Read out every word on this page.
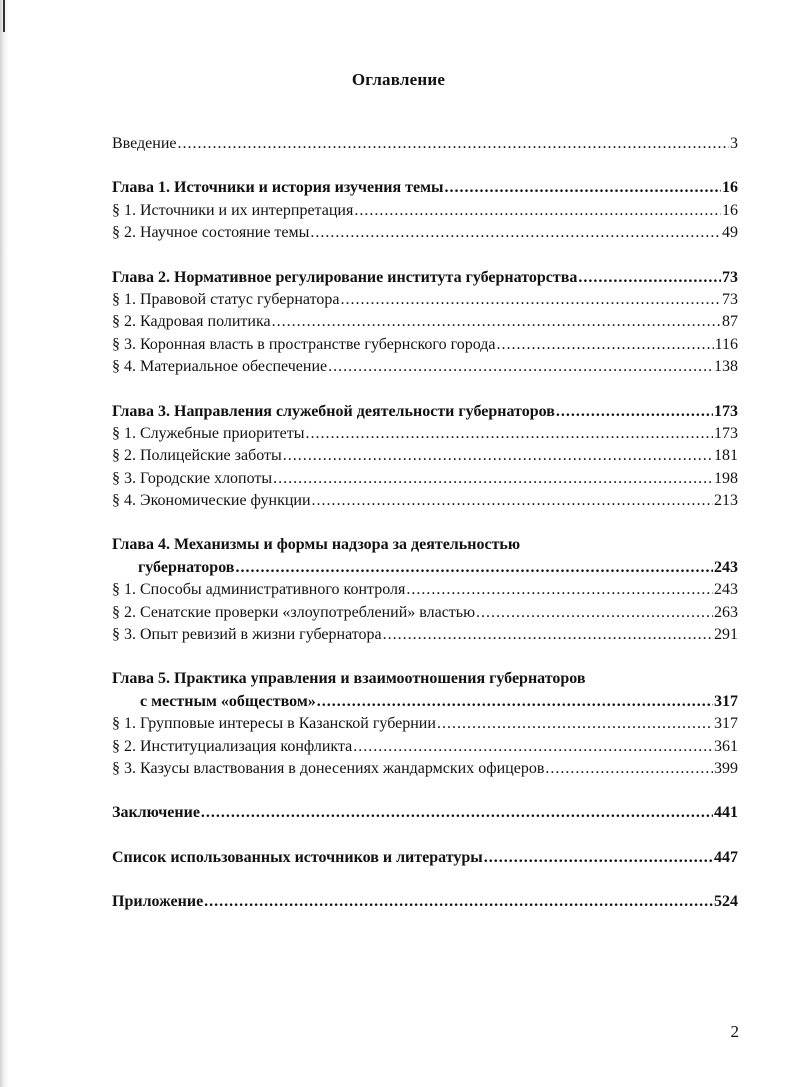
Оглавление
Введение .....	3
Глава 1. Источники и история изучения темы .....	16
§ 1. Источники и их интерпретация .....	16
§ 2. Научное состояние темы .....	49
Глава 2. Нормативное регулирование института губернаторства .....	73
§ 1. Правовой статус губернатора .....	73
§ 2. Кадровая политика .....	87
§ 3. Коронная власть в пространстве губернского города .....	116
§ 4. Материальное обеспечение .....	138
Глава 3. Направления служебной деятельности губернаторов .....	173
§ 1. Служебные приоритеты .....	173
§ 2. Полицейские заботы .....	181
§ 3. Городские хлопоты .....	198
§ 4. Экономические функции .....	213
Глава 4. Механизмы и формы надзора за деятельностью
губернаторов .....	243
§ 1. Способы административного контроля .....	243
§ 2. Сенатские проверки «злоупотреблений» властью .....	263
§ 3. Опыт ревизий в жизни губернатора .....	291
Глава 5. Практика управления и взаимоотношения губернаторов
с местным «обществом» .....	317
§ 1. Групповые интересы в Казанской губернии .....	317
§ 2. Институциализация конфликта .....	361
§ 3. Казусы властвования в донесениях жандармских офицеров .....	399
Заключение .....	441
Список использованных источников и литературы .....	447
Приложение .....	524
2
